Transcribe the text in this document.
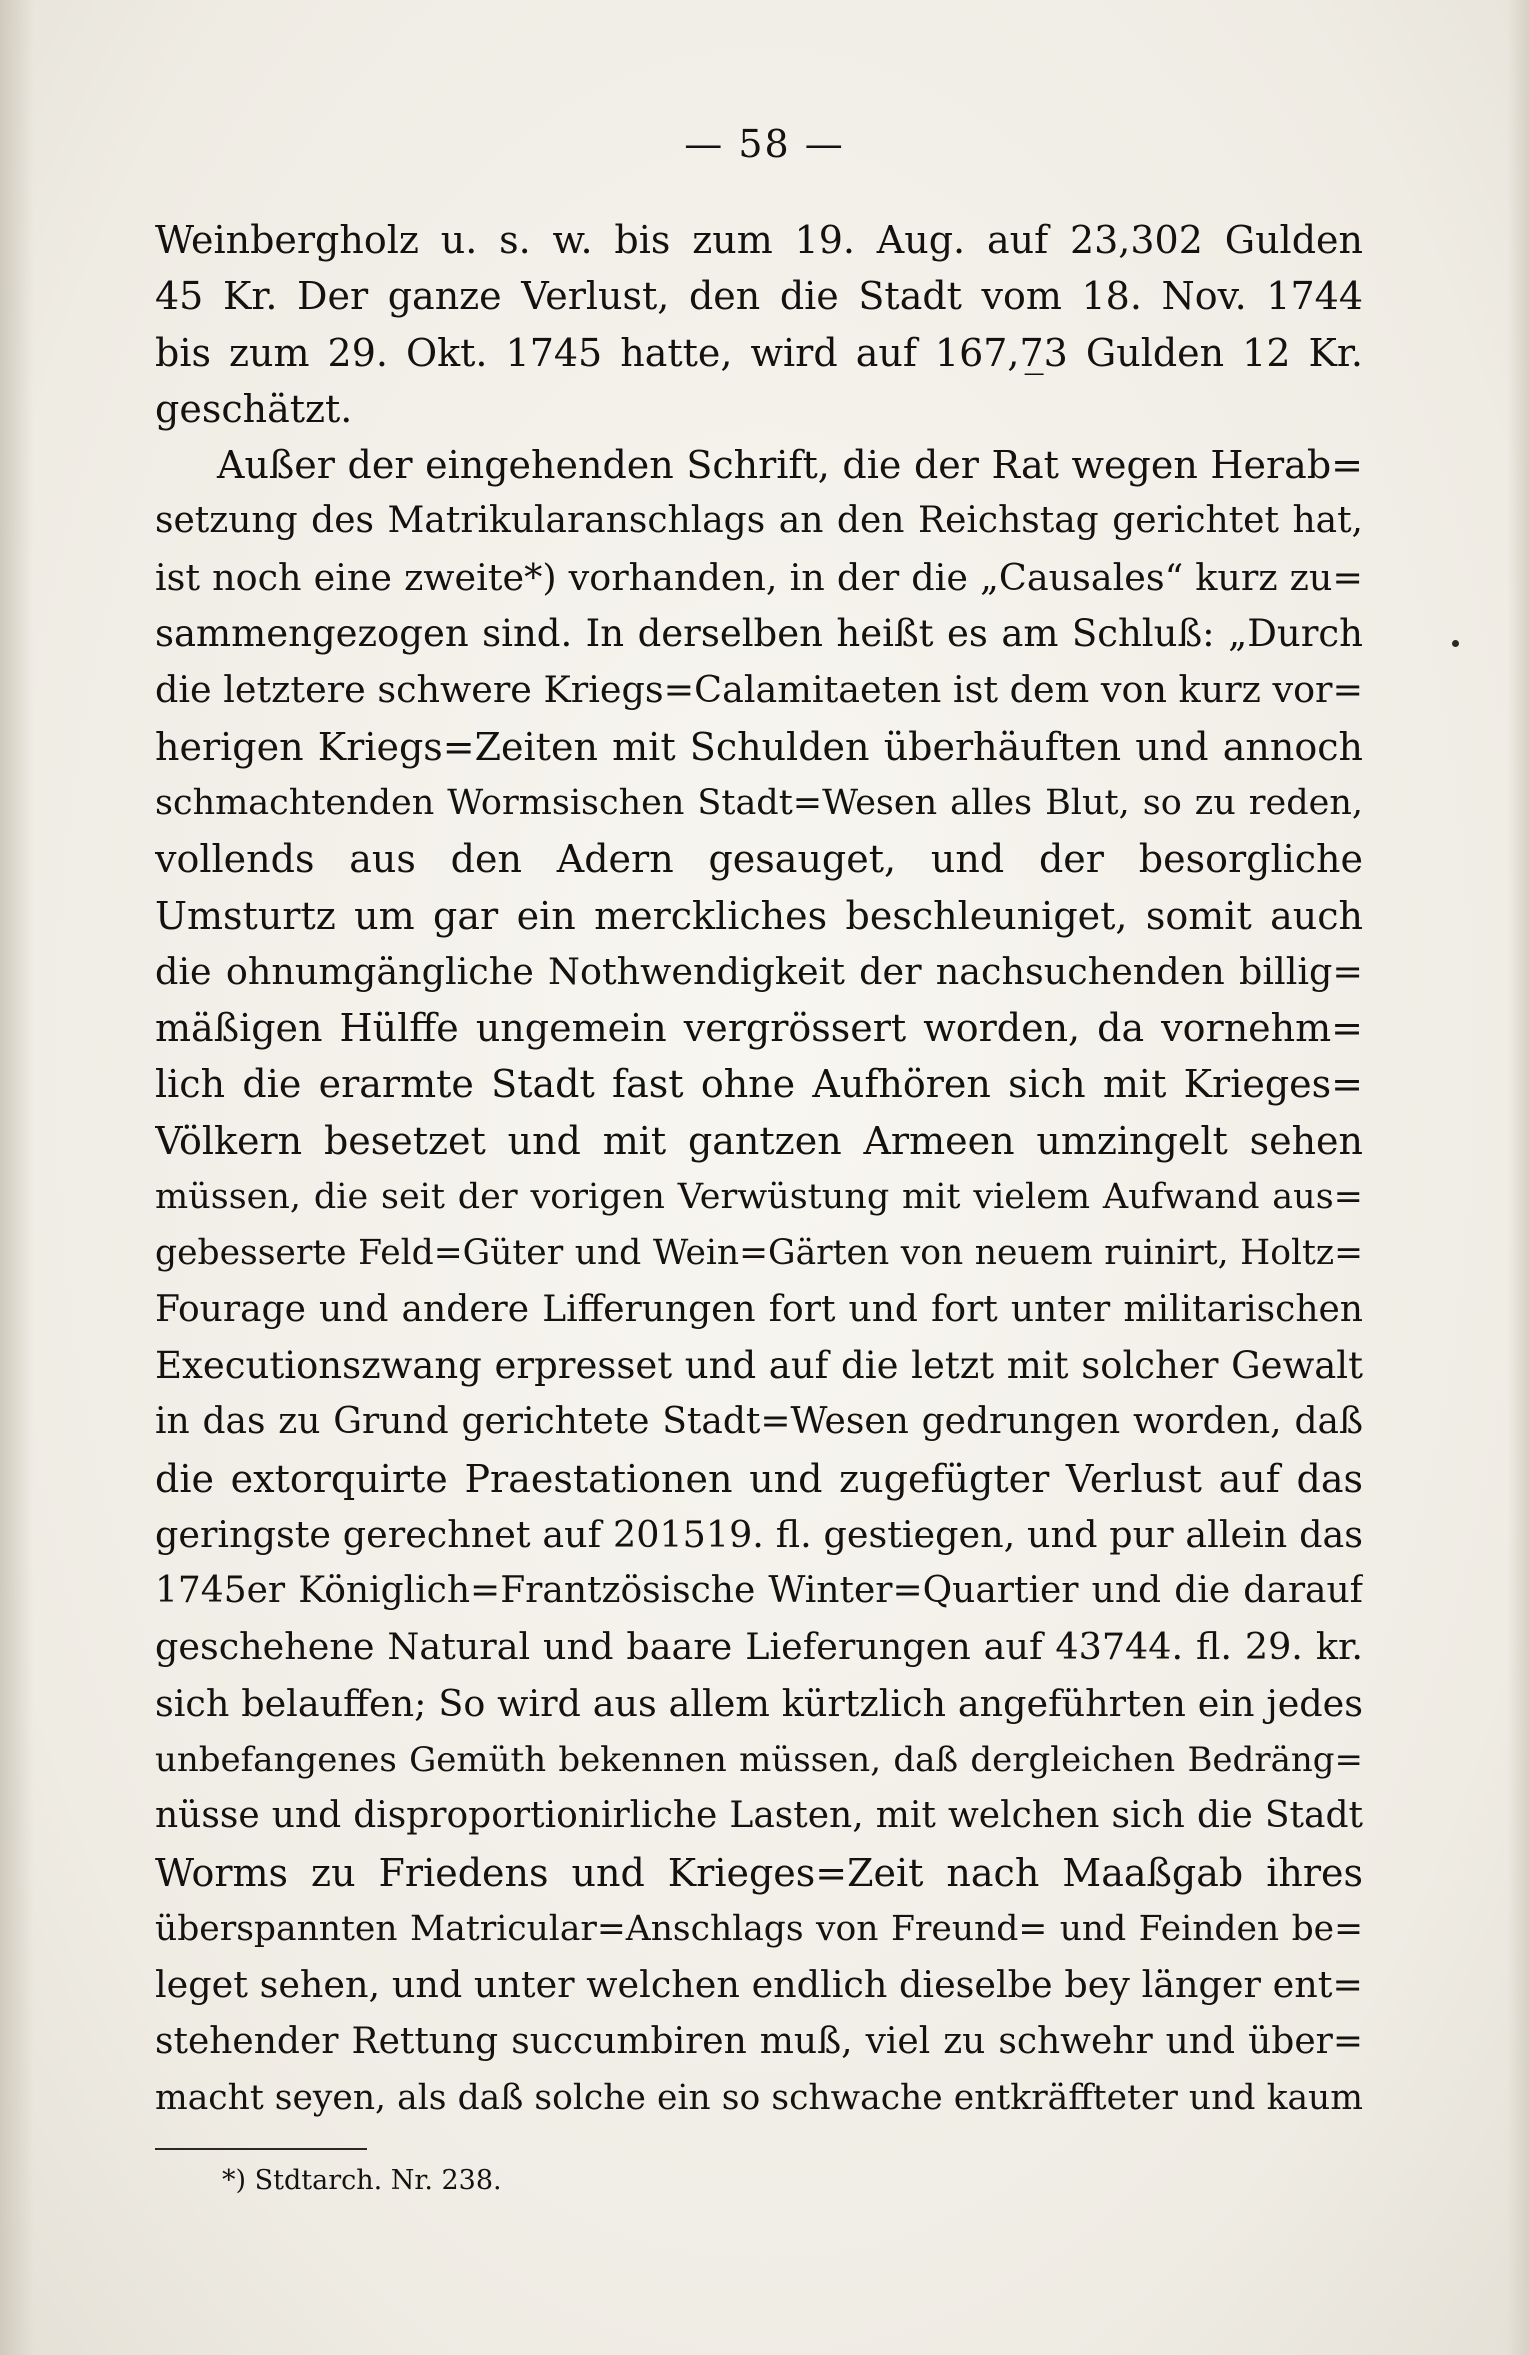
— 58 —
Weinbergholz u. s. w. bis zum 19. Aug. auf 23,302 Gulden
45 Kr. Der ganze Verlust, den die Stadt vom 18. Nov. 1744
bis zum 29. Okt. 1745 hatte, wird auf 167,7̲3 Gulden 12 Kr.
geschätzt.
Außer der eingehenden Schrift, die der Rat wegen Herab=
setzung des Matrikularanschlags an den Reichstag gerichtet hat,
ist noch eine zweite*) vorhanden, in der die „Causales“ kurz zu=
sammengezogen sind. In derselben heißt es am Schluß: „Durch
die letztere schwere Kriegs=Calamitaeten ist dem von kurz vor=
herigen Kriegs=Zeiten mit Schulden überhäuften und annoch
schmachtenden Wormsischen Stadt=Wesen alles Blut, so zu reden,
vollends aus den Adern gesauget, und der besorgliche
Umsturtz um gar ein merckliches beschleuniget, somit auch
die ohnumgängliche Nothwendigkeit der nachsuchenden billig=
mäßigen Hülffe ungemein vergrössert worden, da vornehm=
lich die erarmte Stadt fast ohne Aufhören sich mit Krieges=
Völkern besetzet und mit gantzen Armeen umzingelt sehen
müssen, die seit der vorigen Verwüstung mit vielem Aufwand aus=
gebesserte Feld=Güter und Wein=Gärten von neuem ruinirt, Holtz=
Fourage und andere Lifferungen fort und fort unter militarischen
Executionszwang erpresset und auf die letzt mit solcher Gewalt
in das zu Grund gerichtete Stadt=Wesen gedrungen worden, daß
die extorquirte Praestationen und zugefügter Verlust auf das
geringste gerechnet auf 201519. fl. gestiegen, und pur allein das
1745er Königlich=Frantzösische Winter=Quartier und die darauf
geschehene Natural und baare Lieferungen auf 43744. fl. 29. kr.
sich belauffen; So wird aus allem kürtzlich angeführten ein jedes
unbefangenes Gemüth bekennen müssen, daß dergleichen Bedräng=
nüsse und disproportionirliche Lasten, mit welchen sich die Stadt
Worms zu Friedens und Krieges=Zeit nach Maaßgab ihres
überspannten Matricular=Anschlags von Freund= und Feinden be=
leget sehen, und unter welchen endlich dieselbe bey länger ent=
stehender Rettung succumbiren muß, viel zu schwehr und über=
macht seyen, als daß solche ein so schwache entkräffteter und kaum
*) Stdtarch. Nr. 238.
